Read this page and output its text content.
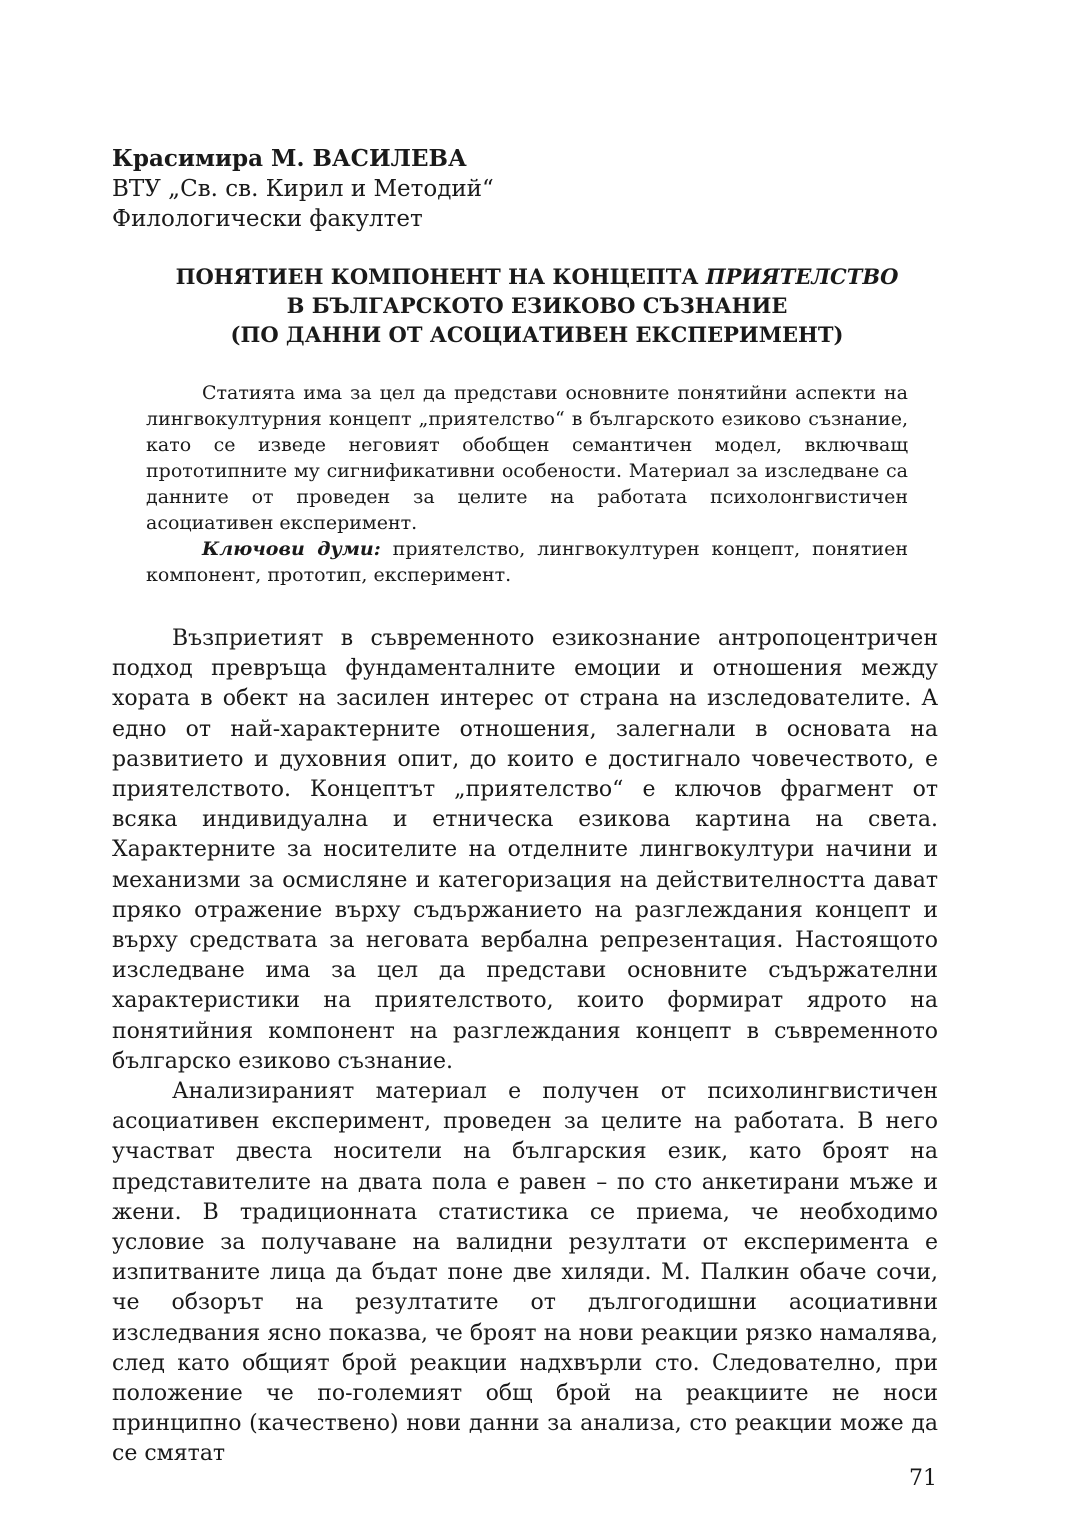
Красимира М. ВАСИЛЕВА
ВТУ „Св. св. Кирил и Методий“
Филологически факултет
ПОНЯТИЕН КОМПОНЕНТ НА КОНЦЕПТА ПРИЯТЕЛСТВО
В БЪЛГАРСКОТО ЕЗИКОВО СЪЗНАНИЕ
(ПО ДАННИ ОТ АСОЦИАТИВЕН ЕКСПЕРИМЕНТ)

Статията има за цел да представи основните понятийни аспекти на лингвокултурния концепт „приятелство“ в българското езиково съзнание, като се изведе неговият обобщен семантичен модел, включващ прототипните му сигнификативни особености. Материал за изследване са данните от проведен за целите на работата психолонгвистичен асоциативен експеримент.

Ключови думи: приятелство, лингвокултурен концепт, понятиен компонент, прототип, експеримент.

Възприетият в съвременното езикознание антропоцентричен подход превръща фундаменталните емоции и отношения между хората в обект на засилен интерес от страна на изследователите. А едно от най-характерните отношения, залегнали в основата на развитието и духовния опит, до които е достигнало човечеството, е приятелството. Концептът „приятелство“ е ключов фрагмент от всяка индивидуална и етническа езикова картина на света. Характерните за носителите на отделните лингвокултури начини и механизми за осмисляне и категоризация на действителността дават пряко отражение върху съдържанието на разглеждания концепт и върху средствата за неговата вербална репрезентация. Настоящото изследване има за цел да представи основните съдържателни характеристики на приятелството, които формират ядрото на понятийния компонент на разглеждания концепт в съвременното българско езиково съзнание.

Анализираният материал е получен от психолингвистичен асоциативен експеримент, проведен за целите на работата. В него участват двеста носители на българския език, като броят на представителите на двата пола е равен – по сто анкетирани мъже и жени. В традиционната статистика се приема, че необходимо условие за получаване на валидни резултати от експеримента е изпитваните лица да бъдат поне две хиляди. М. Палкин обаче сочи, че обзорът на резултатите от дългогодишни асоциативни изследвания ясно показва, че броят на нови реакции рязко намалява, след като общият брой реакции надхвърли сто. Следователно, при положение че по-големият общ брой на реакциите не носи принципно (качествено) нови данни за анализа, сто реакции може да се смятат

71
